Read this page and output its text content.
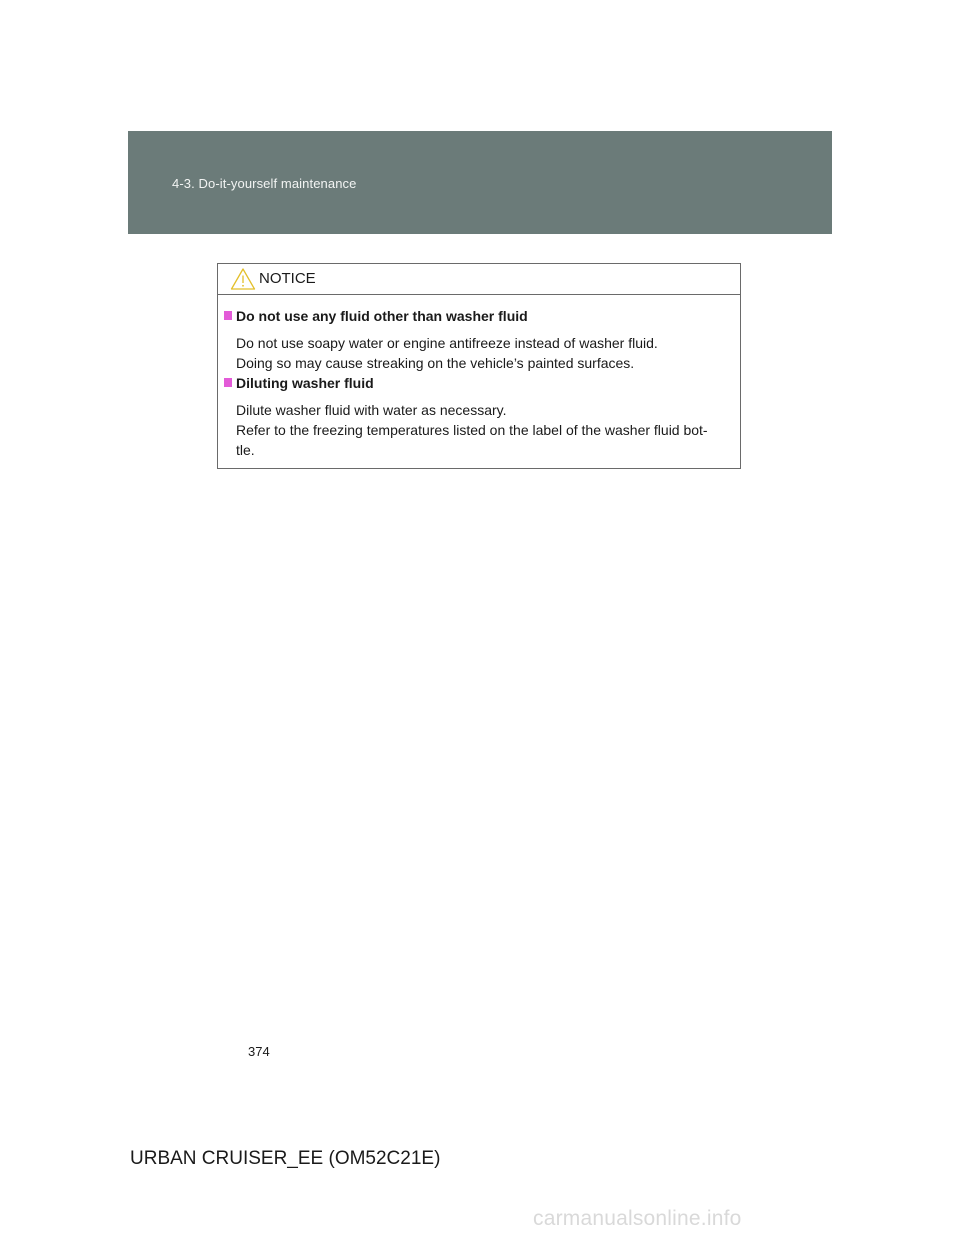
4-3. Do-it-yourself maintenance
NOTICE
Do not use any fluid other than washer fluid
Do not use soapy water or engine antifreeze instead of washer fluid.
Doing so may cause streaking on the vehicle’s painted surfaces.
Diluting washer fluid
Dilute washer fluid with water as necessary.
Refer to the freezing temperatures listed on the label of the washer fluid bot-
tle.
374
URBAN CRUISER_EE (OM52C21E)
carmanualsonline.info
